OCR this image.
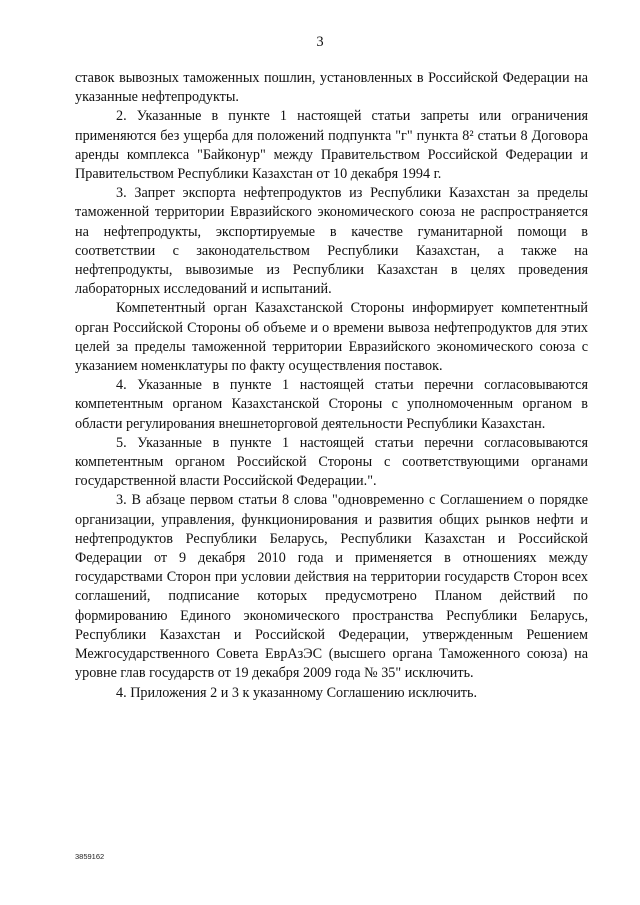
3

ставок вывозных таможенных пошлин, установленных в Российской Федерации на указанные нефтепродукты.

2. Указанные в пункте 1 настоящей статьи запреты или ограничения применяются без ущерба для положений подпункта "г" пункта 8² статьи 8 Договора аренды комплекса "Байконур" между Правительством Российской Федерации и Правительством Республики Казахстан от 10 декабря 1994 г.

3. Запрет экспорта нефтепродуктов из Республики Казахстан за пределы таможенной территории Евразийского экономического союза не распространяется на нефтепродукты, экспортируемые в качестве гуманитарной помощи в соответствии с законодательством Республики Казахстан, а также на нефтепродукты, вывозимые из Республики Казахстан в целях проведения лабораторных исследований и испытаний.

Компетентный орган Казахстанской Стороны информирует компетентный орган Российской Стороны об объеме и о времени вывоза нефтепродуктов для этих целей за пределы таможенной территории Евразийского экономического союза с указанием номенклатуры по факту осуществления поставок.

4. Указанные в пункте 1 настоящей статьи перечни согласовываются компетентным органом Казахстанской Стороны с уполномоченным органом в области регулирования внешнеторговой деятельности Республики Казахстан.

5. Указанные в пункте 1 настоящей статьи перечни согласовываются компетентным органом Российской Стороны с соответствующими органами государственной власти Российской Федерации.".

3. В абзаце первом статьи 8 слова "одновременно с Соглашением о порядке организации, управления, функционирования и развития общих рынков нефти и нефтепродуктов Республики Беларусь, Республики Казахстан и Российской Федерации от 9 декабря 2010 года и применяется в отношениях между государствами Сторон при условии действия на территории государств Сторон всех соглашений, подписание которых предусмотрено Планом действий по формированию Единого экономического пространства Республики Беларусь, Республики Казахстан и Российской Федерации, утвержденным Решением Межгосударственного Совета ЕврАзЭС (высшего органа Таможенного союза) на уровне глав государств от 19 декабря 2009 года № 35" исключить.

4. Приложения 2 и 3 к указанному Соглашению исключить.

3859162
